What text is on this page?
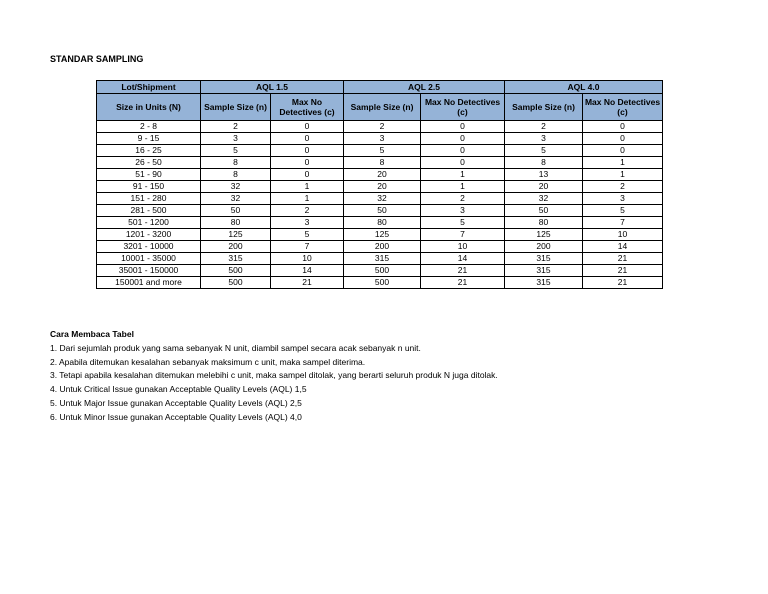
STANDAR SAMPLING
Lot/Shipment	AQL 1.5		AQL 2.5		AQL 4.0	
Size in Units (N)	Sample Size (n)	Max No Detectives (c)	Sample Size (n)	Max No Detectives (c)	Sample Size (n)	Max No Detectives (c)
2 - 8	2	0	2	0	2	0
9 - 15	3	0	3	0	3	0
16 - 25	5	0	5	0	5	0
26 - 50	8	0	8	0	8	1
51 - 90	8	0	20	1	13	1
91 - 150	32	1	20	1	20	2
151 - 280	32	1	32	2	32	3
281 - 500	50	2	50	3	50	5
501 - 1200	80	3	80	5	80	7
1201 - 3200	125	5	125	7	125	10
3201 - 10000	200	7	200	10	200	14
10001 - 35000	315	10	315	14	315	21
35001 - 150000	500	14	500	21	315	21
150001 and more	500	21	500	21	315	21
Cara Membaca Tabel
1. Dari sejumlah produk yang sama sebanyak N unit, diambil sampel secara acak sebanyak n unit.
2. Apabila ditemukan kesalahan sebanyak maksimum c unit, maka sampel diterima.
3. Tetapi apabila kesalahan ditemukan melebihi c unit, maka sampel ditolak, yang berarti seluruh produk N juga ditolak.
4. Untuk Critical Issue gunakan Acceptable Quality Levels (AQL) 1,5
5. Untuk Major Issue gunakan Acceptable Quality Levels (AQL) 2,5
6. Untuk Minor Issue gunakan Acceptable Quality Levels (AQL) 4,0
